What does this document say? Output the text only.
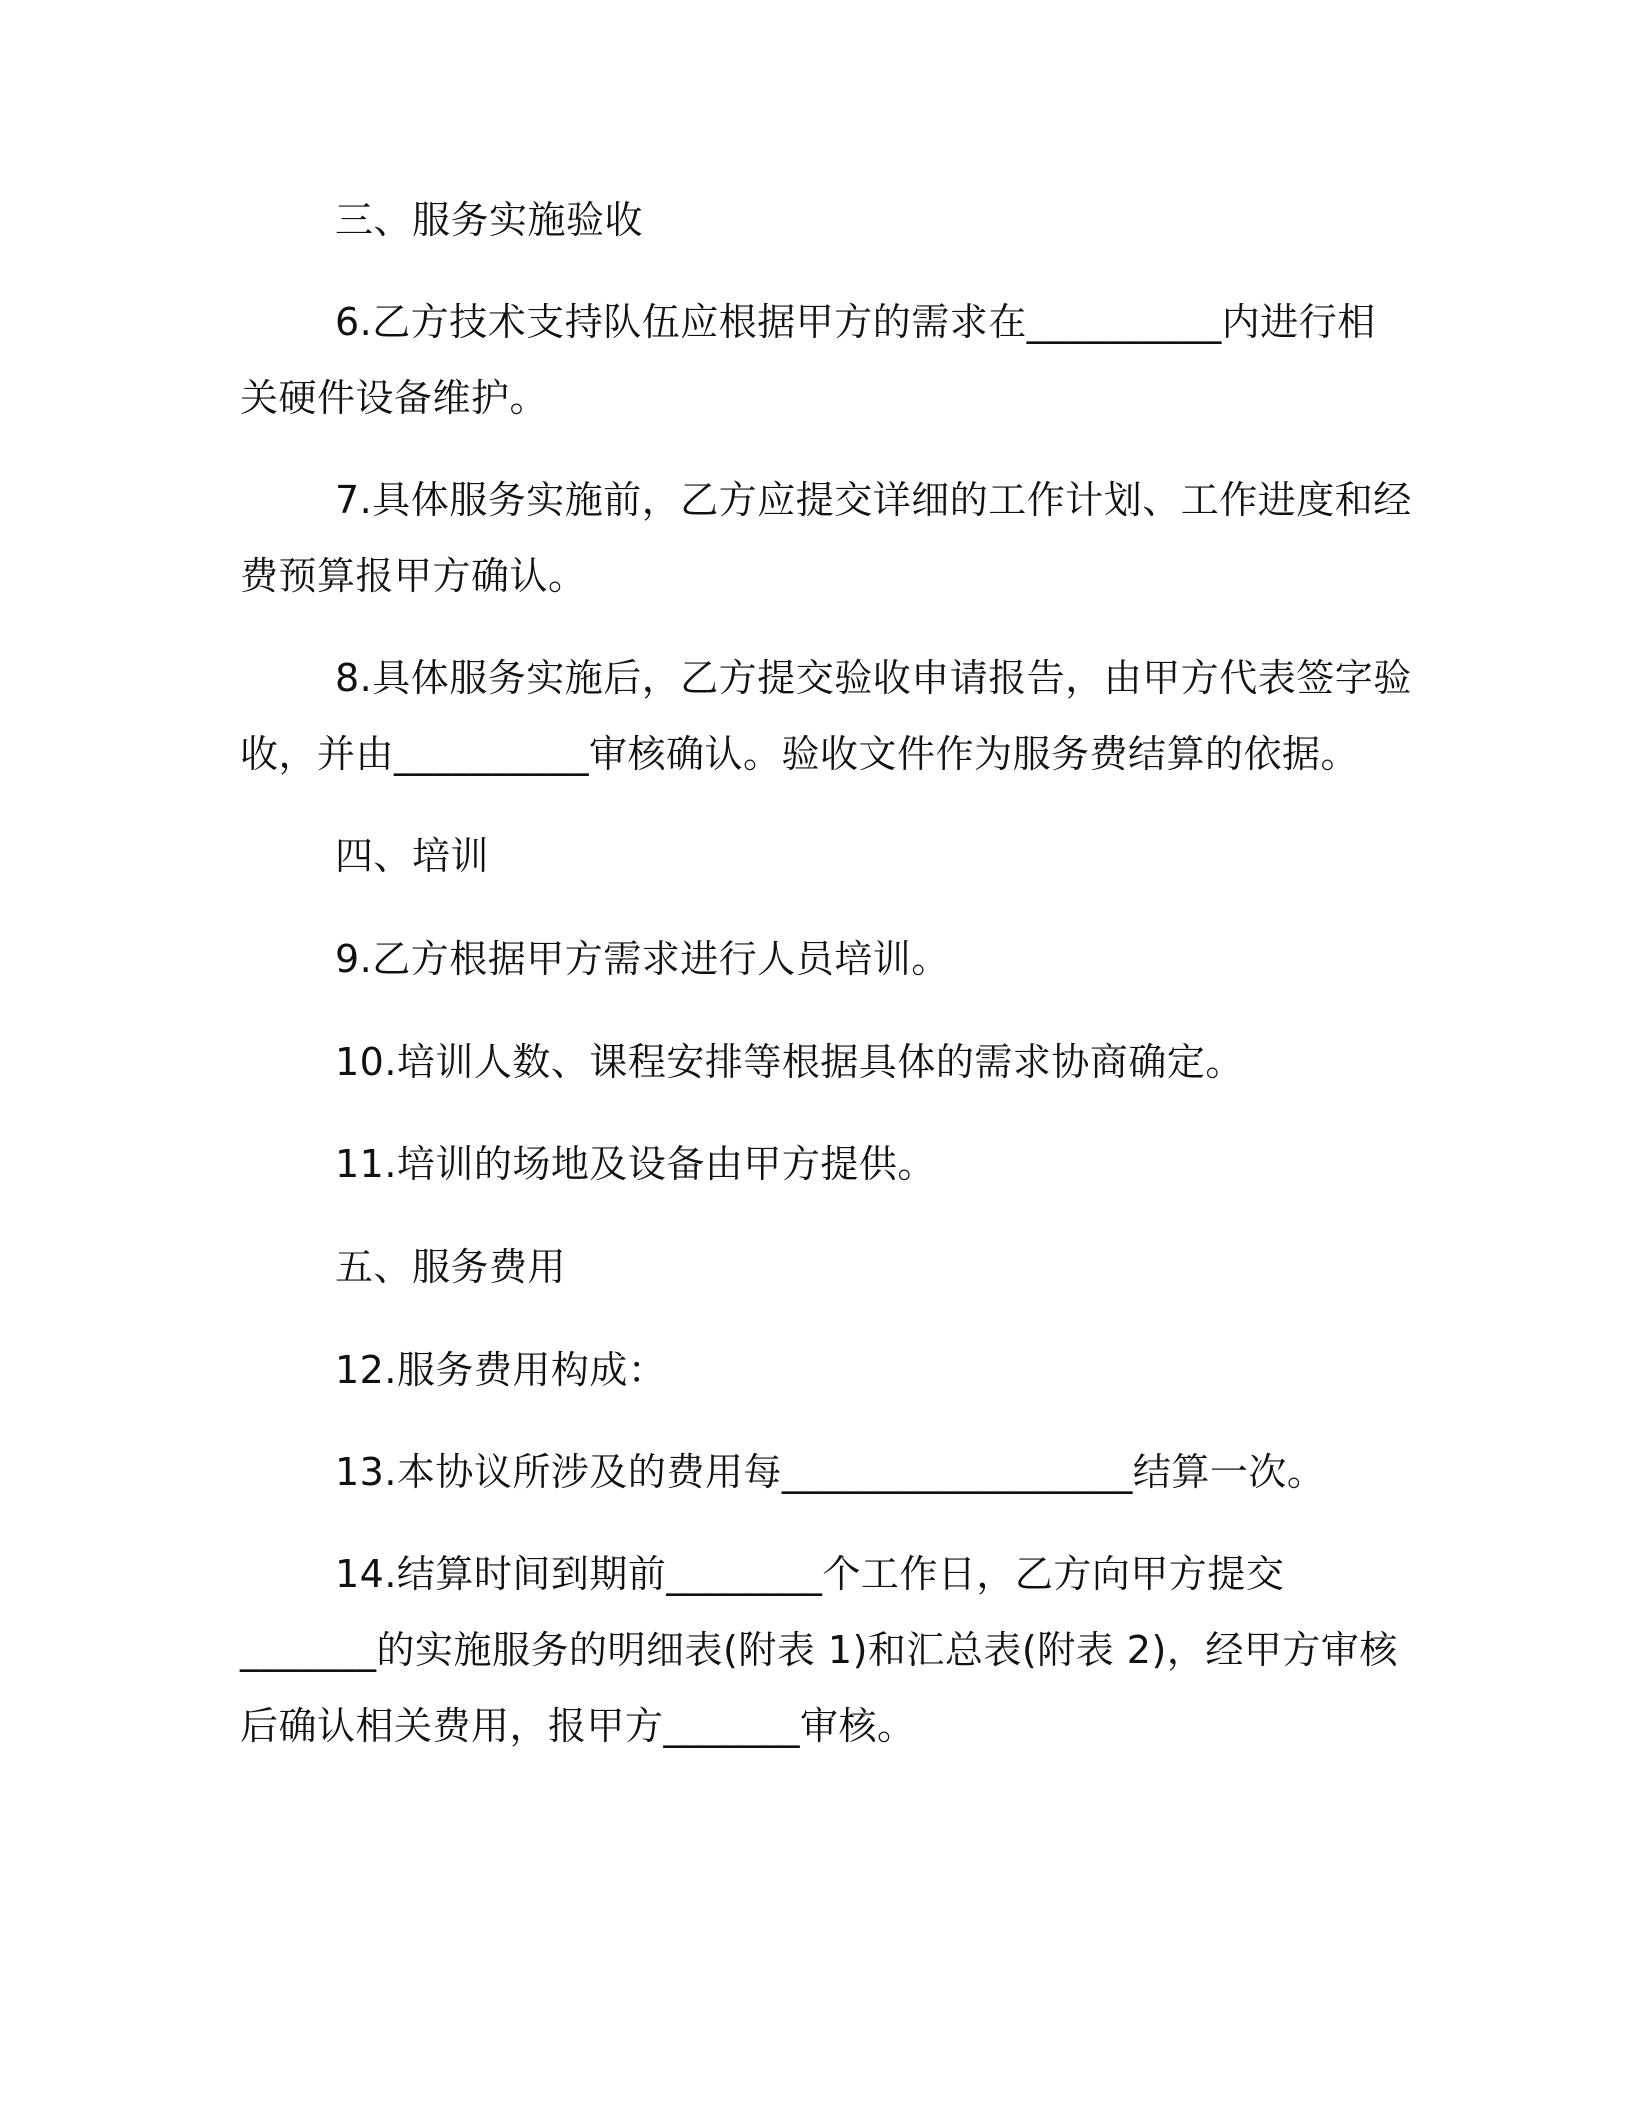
三、服务实施验收
6.乙方技术支持队伍应根据甲方的需求在__________内进行相
关硬件设备维护。
7.具体服务实施前，乙方应提交详细的工作计划、工作进度和经
费预算报甲方确认。
8.具体服务实施后，乙方提交验收申请报告，由甲方代表签字验
收，并由__________审核确认。验收文件作为服务费结算的依据。
四、培训
9.乙方根据甲方需求进行人员培训。
10.培训人数、课程安排等根据具体的需求协商确定。
11.培训的场地及设备由甲方提供。
五、服务费用
12.服务费用构成：
13.本协议所涉及的费用每__________________结算一次。
14.结算时间到期前________个工作日，乙方向甲方提交
_______的实施服务的明细表(附表 1)和汇总表(附表 2)，经甲方审核
后确认相关费用，报甲方_______审核。
